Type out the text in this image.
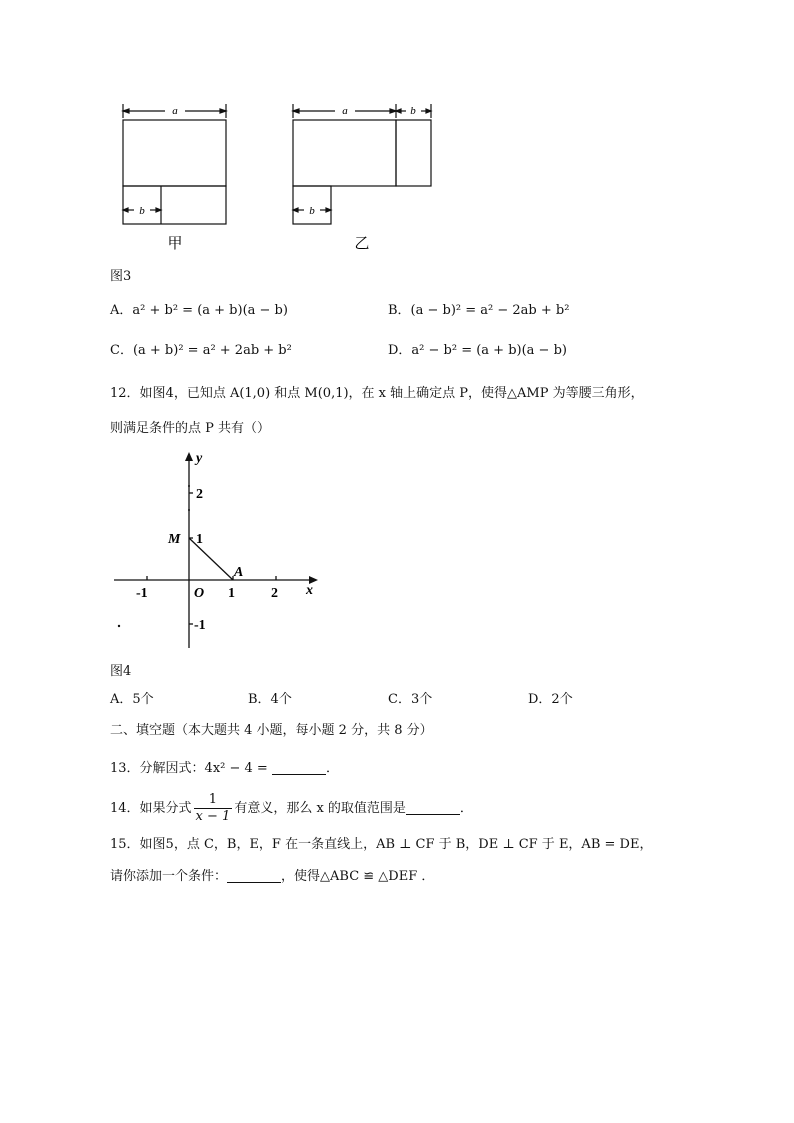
a
b
甲
a	b
b
乙
图3
A．a² + b² = (a + b)(a − b)	B．(a − b)² = a² − 2ab + b²
C．(a + b)² = a² + 2ab + b²	D．a² − b² = (a + b)(a − b)
12．如图4，已知点 A(1,0) 和点 M(0,1)，在 x 轴上确定点 P，使得△AMP 为等腰三角形，
则满足条件的点 P 共有（）
y
x
2
1
-1
-1	O 1	2
M
A
图4
A．5个	B．4个	C．3个	D．2个
二、填空题（本大题共 4 小题，每小题 2 分，共 8 分）
13．分解因式：4x² − 4 =	．
14．如果分式 $\frac{1}{x - 1}$ 有意义，那么 x 的取值范围是	．
15．如图5，点 C，B，E，F 在一条直线上，AB ⊥ CF 于 B，DE ⊥ CF 于 E，AB = DE，
请你添加一个条件：	，使得△ABC ≌ △DEF ．
